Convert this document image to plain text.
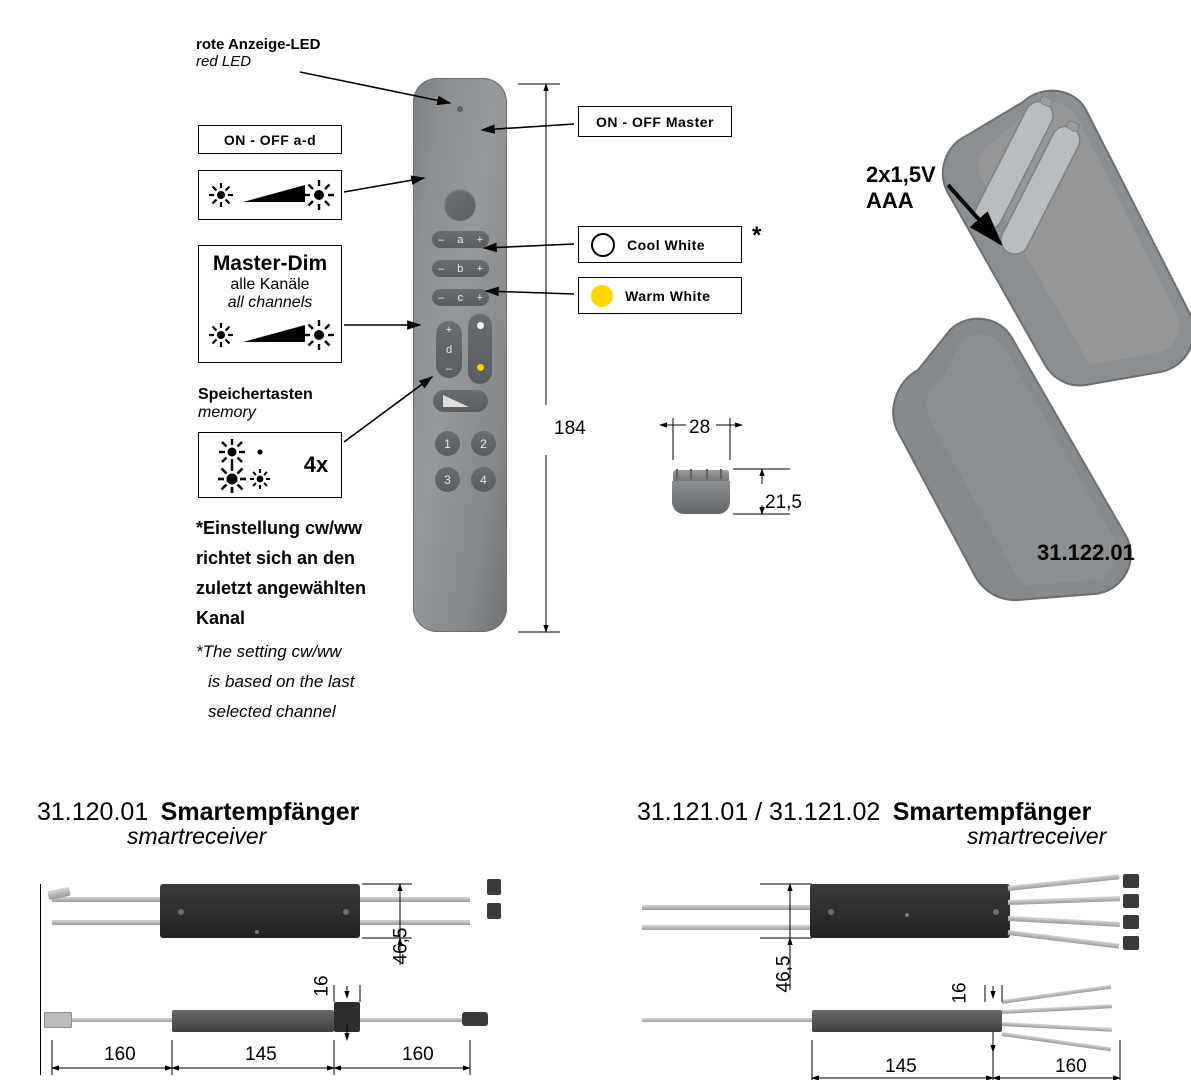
– a +
– b +
– c +
+
d
–
1	2
3	4
rote Anzeige-LED
red LED
ON - OFF Master
ON - OFF a-d
Master-Dim
alle Kanäle
all channels
Cool White *
Warm White
Speichertasten
memory
4x
*Einstellung cw/ww
richtet sich an den
zuletzt angewählten
Kanal
*The setting cw/ww
is based on the last
selected channel
2x1,5V AAA
31.122.01
31.120.01 Smartempfänger
smartreceiver
31.121.01 / 31.121.02 Smartempfänger
smartreceiver
184	28
21,5
46,5
16
160	145	160
46,5
16
145	160
